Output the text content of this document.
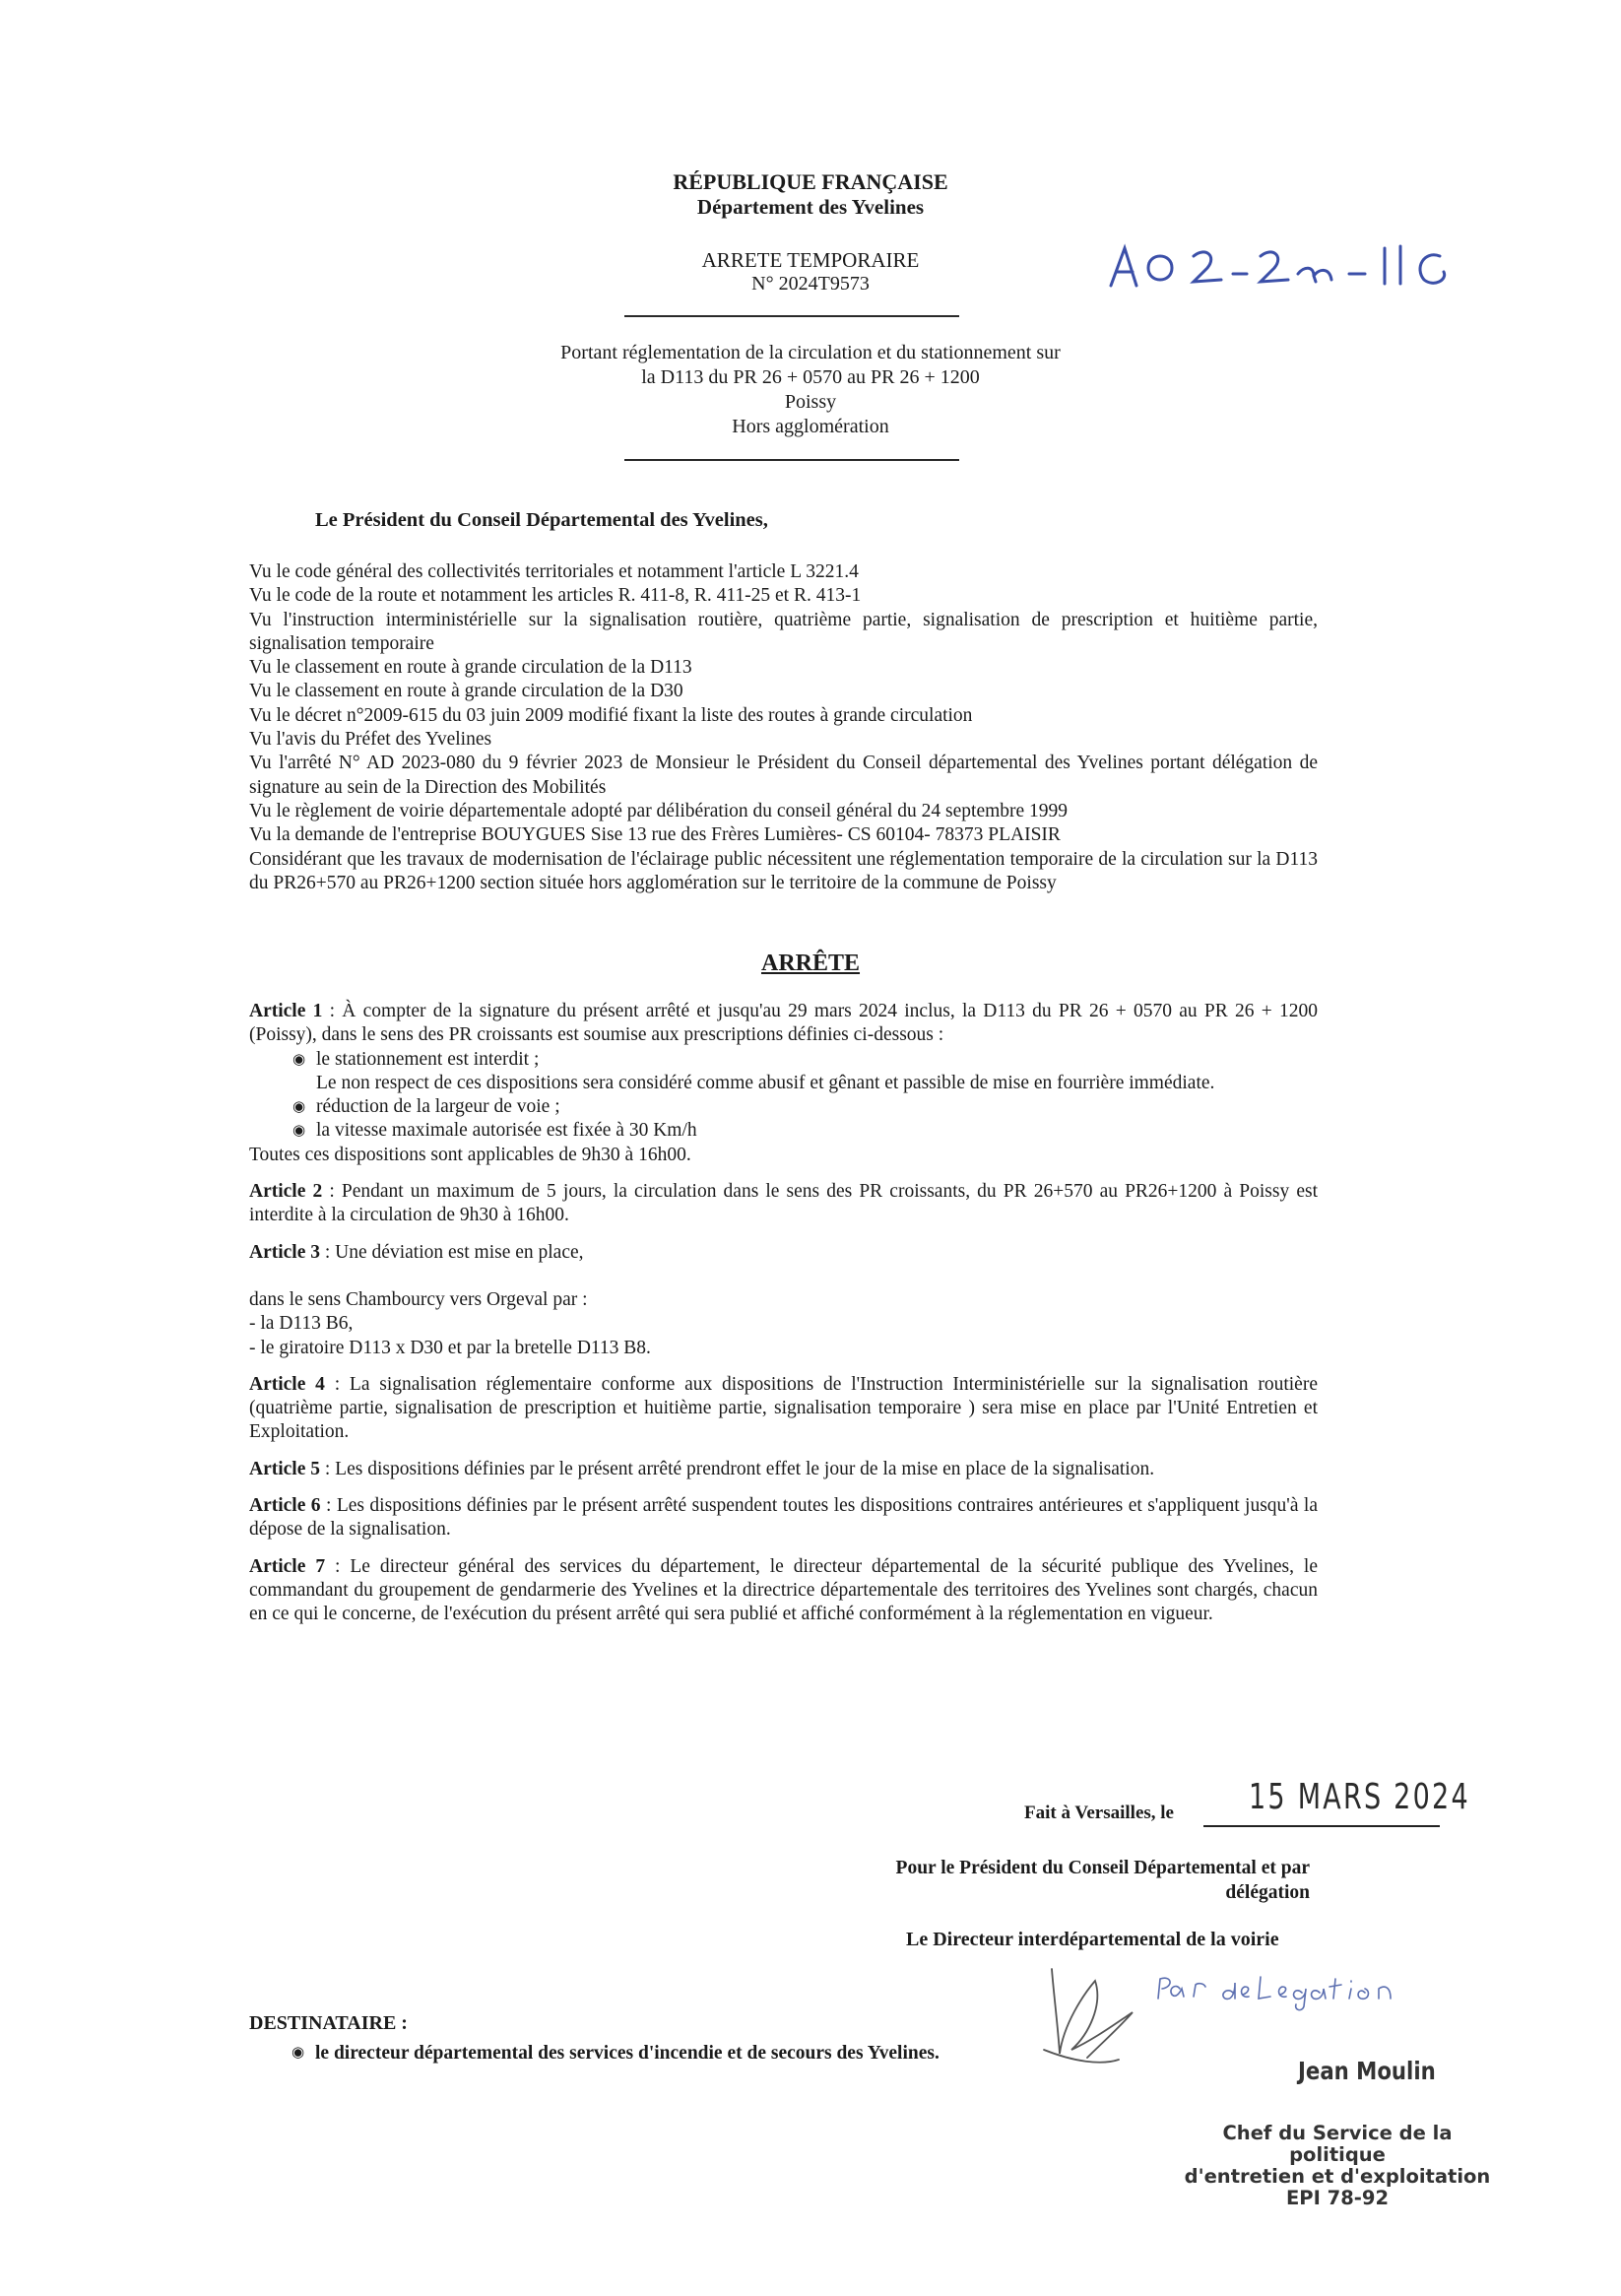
RÉPUBLIQUE FRANÇAISE
Département des Yvelines
ARRETE TEMPORAIRE
N° 2024T9573
Portant réglementation de la circulation et du stationnement sur
la D113 du PR 26 + 0570 au PR 26 + 1200
Poissy
Hors agglomération
Le Président du Conseil Départemental des Yvelines,
Vu le code général des collectivités territoriales et notamment l'article L 3221.4
Vu le code de la route et notamment les articles R. 411-8, R. 411-25 et R. 413-1
Vu l'instruction interministérielle sur la signalisation routière, quatrième partie, signalisation de prescription et huitième partie, signalisation temporaire
Vu le classement en route à grande circulation de la D113
Vu le classement en route à grande circulation de la D30
Vu le décret n°2009-615 du 03 juin 2009 modifié fixant la liste des routes à grande circulation
Vu l'avis du Préfet des Yvelines
Vu l'arrêté N° AD 2023-080 du 9 février 2023 de Monsieur le Président du Conseil départemental des Yvelines portant délégation de signature au sein de la Direction des Mobilités
Vu le règlement de voirie départementale adopté par délibération du conseil général du 24 septembre 1999
Vu la demande de l'entreprise BOUYGUES Sise 13 rue des Frères Lumières- CS 60104- 78373 PLAISIR
Considérant que les travaux de modernisation de l'éclairage public nécessitent une réglementation temporaire de la circulation sur la D113 du PR26+570 au PR26+1200 section située hors agglomération sur le territoire de la commune de Poissy
ARRÊTE

Article 1 : À compter de la signature du présent arrêté et jusqu'au 29 mars 2024 inclus, la D113 du PR 26 + 0570 au PR 26 + 1200 (Poissy), dans le sens des PR croissants est soumise aux prescriptions définies ci-dessous :

◉ le stationnement est interdit ;

Le non respect de ces dispositions sera considéré comme abusif et gênant et passible de mise en fourrière immédiate.

◉ réduction de la largeur de voie ;
◉ la vitesse maximale autorisée est fixée à 30 Km/h

Toutes ces dispositions sont applicables de 9h30 à 16h00.

Article 2 : Pendant un maximum de 5 jours, la circulation dans le sens des PR croissants, du PR 26+570 au PR26+1200 à Poissy est interdite à la circulation de 9h30 à 16h00.

Article 3 : Une déviation est mise en place,

dans le sens Chambourcy vers Orgeval par :

- la D113 B6,

- le giratoire D113 x D30 et par la bretelle D113 B8.

Article 4 : La signalisation réglementaire conforme aux dispositions de l'Instruction Interministérielle sur la signalisation routière (quatrième partie, signalisation de prescription et huitième partie, signalisation temporaire ) sera mise en place par l'Unité Entretien et Exploitation.

Article 5 : Les dispositions définies par le présent arrêté prendront effet le jour de la mise en place de la signalisation.

Article 6 : Les dispositions définies par le présent arrêté suspendent toutes les dispositions contraires antérieures et s'appliquent jusqu'à la dépose de la signalisation.

Article 7 : Le directeur général des services du département, le directeur départemental de la sécurité publique des Yvelines, le commandant du groupement de gendarmerie des Yvelines et la directrice départementale des territoires des Yvelines sont chargés, chacun en ce qui le concerne, de l'exécution du présent arrêté qui sera publié et affiché conformément à la réglementation en vigueur.

Fait à Versailles, le 15 MARS 2024
Pour le Président du Conseil Départemental et par
délégation
Le Directeur interdépartemental de la voirie
DESTINATAIRE :
◉ le directeur départemental des services d'incendie et de secours des Yvelines.
Jean Moulin
Chef du Service de la politique
d'entretien et d'exploitation
EPI 78-92
